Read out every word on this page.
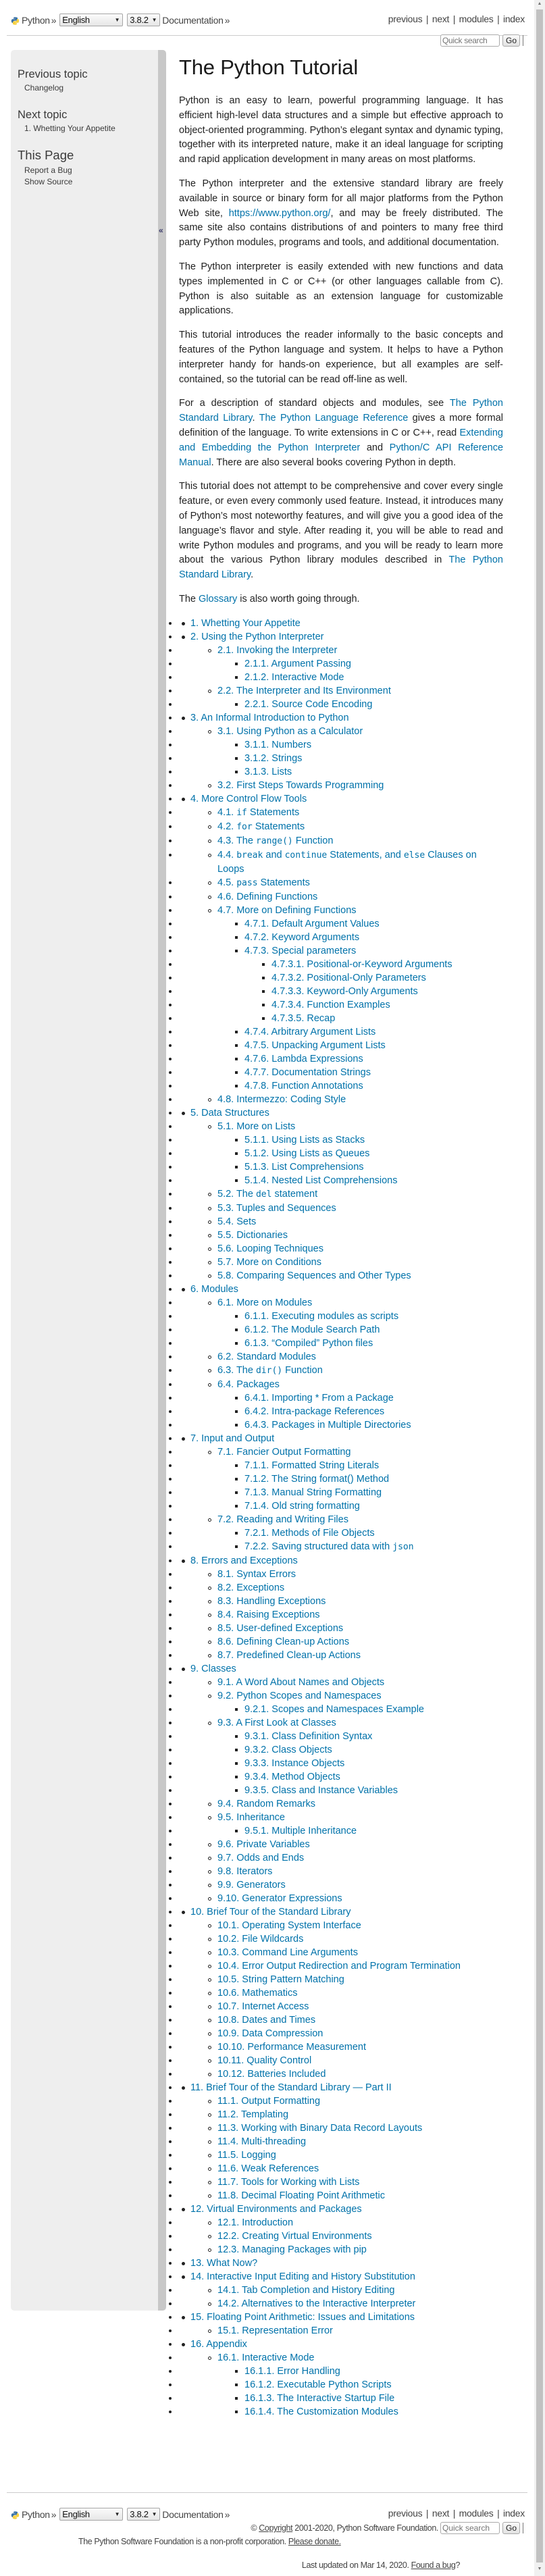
Python » English	▼ 3.8.2 ▼ Documentation »	previous | next | modules | index
Quick search
Go
Previous topic
Changelog
Next topic
1. Whetting Your Appetite
This Page
Report a Bug
Show Source
«
The Python Tutorial

Python is an easy to learn, powerful programming language. It has efficient high-level data structures and a simple but effective approach to object-oriented programming. Python’s elegant syntax and dynamic typing, together with its interpreted nature, make it an ideal language for scripting and rapid application development in many areas on most platforms.

The Python interpreter and the extensive standard library are freely available in source or binary form for all major platforms from the Python Web site, https://www.python.org/, and may be freely distributed. The same site also contains distributions of and pointers to many free third party Python modules, programs and tools, and additional documentation.

The Python interpreter is easily extended with new functions and data types implemented in C or C++ (or other languages callable from C). Python is also suitable as an extension language for customizable applications.

This tutorial introduces the reader informally to the basic concepts and features of the Python language and system. It helps to have a Python interpreter handy for hands-on experience, but all examples are self-contained, so the tutorial can be read off-line as well.

For a description of standard objects and modules, see The Python Standard Library. The Python Language Reference gives a more formal definition of the language. To write extensions in C or C++, read Extending and Embedding the Python Interpreter and Python/C API Reference Manual. There are also several books covering Python in depth.

This tutorial does not attempt to be comprehensive and cover every single feature, or even every commonly used feature. Instead, it introduces many of Python’s most noteworthy features, and will give you a good idea of the language’s flavor and style. After reading it, you will be able to read and write Python modules and programs, and you will be ready to learn more about the various Python library modules described in The Python Standard Library.

The Glossary is also worth going through.

• 1. Whetting Your Appetite
• 2. Using the Python Interpreter
• 2.1. Invoking the Interpreter
• 2.1.1. Argument Passing
• 2.1.2. Interactive Mode
• 2.2. The Interpreter and Its Environment
• 2.2.1. Source Code Encoding
• 3. An Informal Introduction to Python
• 3.1. Using Python as a Calculator
• 3.1.1. Numbers
• 3.1.2. Strings
• 3.1.3. Lists
• 3.2. First Steps Towards Programming
• 4. More Control Flow Tools
• 4.1. if Statements
• 4.2. for Statements
• 4.3. The range() Function
• 4.4. break and continue Statements, and else Clauses on Loops
• 4.5. pass Statements
• 4.6. Defining Functions
• 4.7. More on Defining Functions
• 4.7.1. Default Argument Values
• 4.7.2. Keyword Arguments
• 4.7.3. Special parameters
• 4.7.3.1. Positional-or-Keyword Arguments
• 4.7.3.2. Positional-Only Parameters
• 4.7.3.3. Keyword-Only Arguments
• 4.7.3.4. Function Examples
• 4.7.3.5. Recap
• 4.7.4. Arbitrary Argument Lists
• 4.7.5. Unpacking Argument Lists
• 4.7.6. Lambda Expressions
• 4.7.7. Documentation Strings
• 4.7.8. Function Annotations
• 4.8. Intermezzo: Coding Style
• 5. Data Structures
• 5.1. More on Lists
• 5.1.1. Using Lists as Stacks
• 5.1.2. Using Lists as Queues
• 5.1.3. List Comprehensions
• 5.1.4. Nested List Comprehensions
• 5.2. The del statement
• 5.3. Tuples and Sequences
• 5.4. Sets
• 5.5. Dictionaries
• 5.6. Looping Techniques
• 5.7. More on Conditions
• 5.8. Comparing Sequences and Other Types
• 6. Modules
• 6.1. More on Modules
• 6.1.1. Executing modules as scripts
• 6.1.2. The Module Search Path
• 6.1.3. “Compiled” Python files
• 6.2. Standard Modules
• 6.3. The dir() Function
• 6.4. Packages
• 6.4.1. Importing * From a Package
• 6.4.2. Intra-package References
• 6.4.3. Packages in Multiple Directories
• 7. Input and Output
• 7.1. Fancier Output Formatting
• 7.1.1. Formatted String Literals
• 7.1.2. The String format() Method
• 7.1.3. Manual String Formatting
• 7.1.4. Old string formatting
• 7.2. Reading and Writing Files
• 7.2.1. Methods of File Objects
• 7.2.2. Saving structured data with json
• 8. Errors and Exceptions
• 8.1. Syntax Errors
• 8.2. Exceptions
• 8.3. Handling Exceptions
• 8.4. Raising Exceptions
• 8.5. User-defined Exceptions
• 8.6. Defining Clean-up Actions
• 8.7. Predefined Clean-up Actions
• 9. Classes
• 9.1. A Word About Names and Objects
• 9.2. Python Scopes and Namespaces
• 9.2.1. Scopes and Namespaces Example
• 9.3. A First Look at Classes
• 9.3.1. Class Definition Syntax
• 9.3.2. Class Objects
• 9.3.3. Instance Objects
• 9.3.4. Method Objects
• 9.3.5. Class and Instance Variables
• 9.4. Random Remarks
• 9.5. Inheritance
• 9.5.1. Multiple Inheritance
• 9.6. Private Variables
• 9.7. Odds and Ends
• 9.8. Iterators
• 9.9. Generators
• 9.10. Generator Expressions
• 10. Brief Tour of the Standard Library
• 10.1. Operating System Interface
• 10.2. File Wildcards
• 10.3. Command Line Arguments
• 10.4. Error Output Redirection and Program Termination
• 10.5. String Pattern Matching
• 10.6. Mathematics
• 10.7. Internet Access
• 10.8. Dates and Times
• 10.9. Data Compression
• 10.10. Performance Measurement
• 10.11. Quality Control
• 10.12. Batteries Included
• 11. Brief Tour of the Standard Library — Part II
• 11.1. Output Formatting
• 11.2. Templating
• 11.3. Working with Binary Data Record Layouts
• 11.4. Multi-threading
• 11.5. Logging
• 11.6. Weak References
• 11.7. Tools for Working with Lists
• 11.8. Decimal Floating Point Arithmetic
• 12. Virtual Environments and Packages
• 12.1. Introduction
• 12.2. Creating Virtual Environments
• 12.3. Managing Packages with pip
• 13. What Now?
• 14. Interactive Input Editing and History Substitution
• 14.1. Tab Completion and History Editing
• 14.2. Alternatives to the Interactive Interpreter
• 15. Floating Point Arithmetic: Issues and Limitations
• 15.1. Representation Error
• 16. Appendix
• 16.1. Interactive Mode
• 16.1.1. Error Handling
• 16.1.2. Executable Python Scripts
• 16.1.3. The Interactive Startup File
• 16.1.4. The Customization Modules
Python » English	▼ 3.8.2 ▼ Documentation »	previous | next | modules | index
© Copyright 2001-2020, Python Software Foundation.
Quick search	Go
The Python Software Foundation is a non-profit corporation. Please donate.
Last updated on Mar 14, 2020. Found a bug?
▲
▼
